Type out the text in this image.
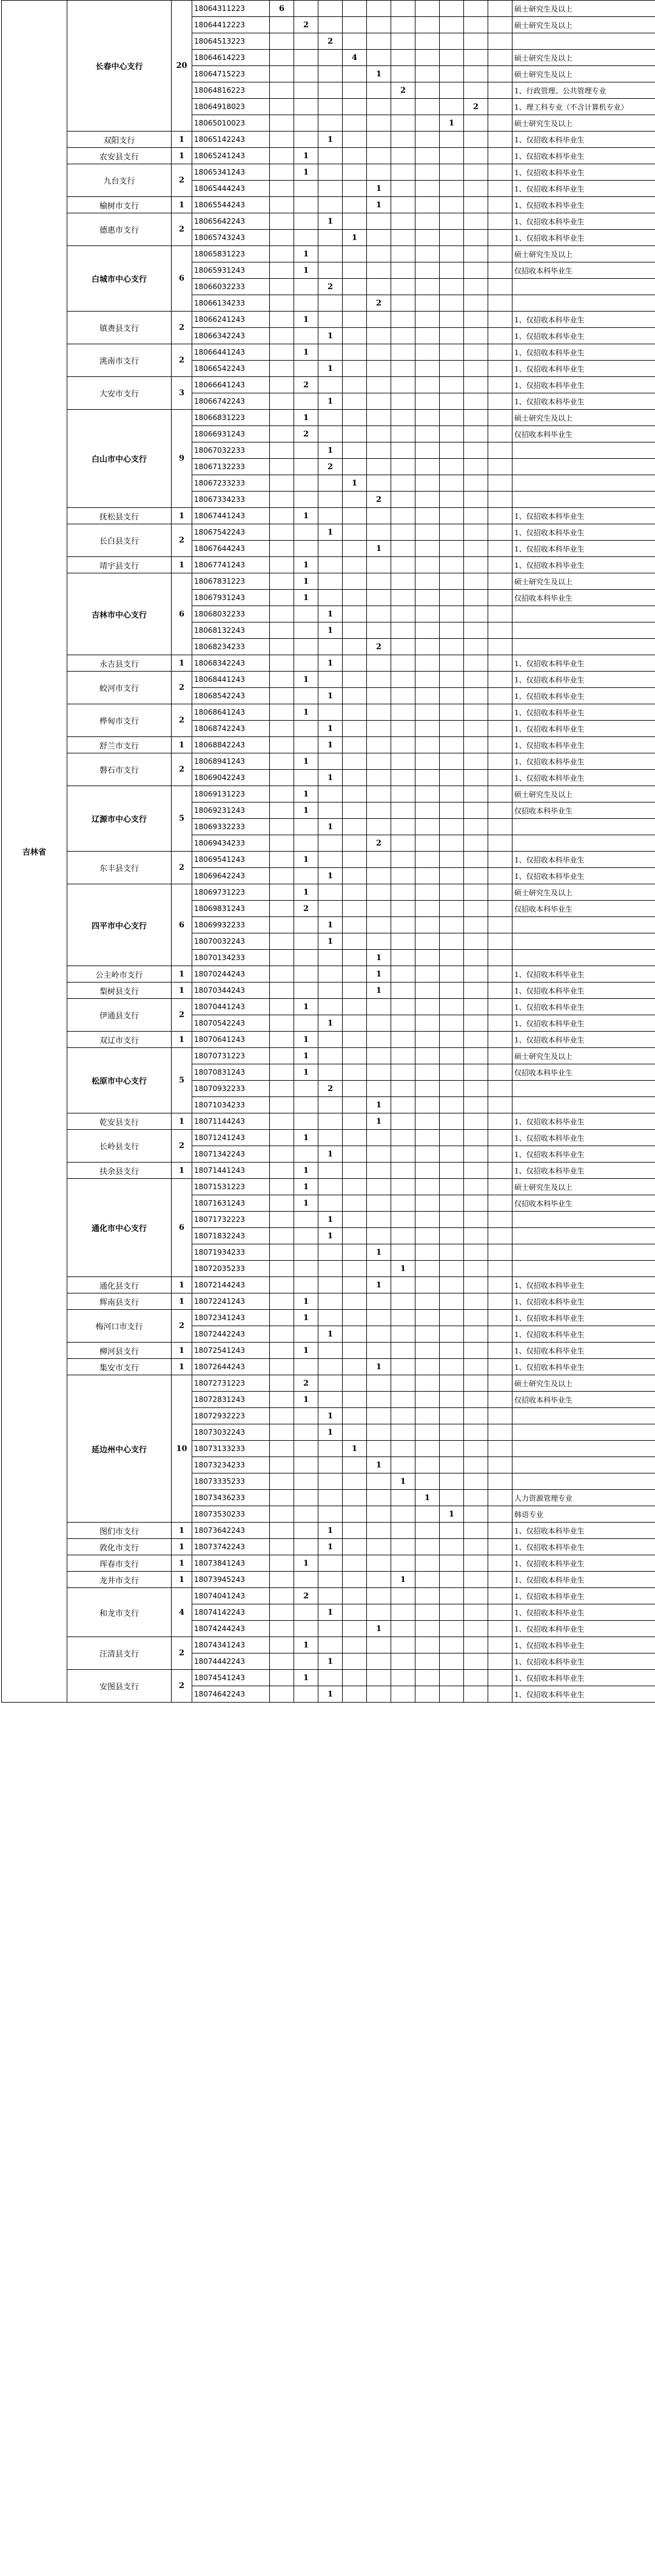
吉林省	长春中心支行	20	18064311223	6										硕士研究生及以上
			18064412223		2									硕士研究生及以上
			18064513223			2								
			18064614223				4							硕士研究生及以上
			18064715223					1						硕士研究生及以上
			18064816223						2					1、行政管理、公共管理专业
			18064918023									2		1、理工科专业（不含计算机专业）
			18065010023								1			硕士研究生及以上
	双阳支行	1	18065142243			1								1、仅招收本科毕业生
	农安县支行	1	18065241243		1									1、仅招收本科毕业生
	九台支行	2	18065341243		1									1、仅招收本科毕业生
			18065444243					1						1、仅招收本科毕业生
	榆树市支行	1	18065544243					1						1、仅招收本科毕业生
	德惠市支行	2	18065642243			1								1、仅招收本科毕业生
			18065743243				1							1、仅招收本科毕业生
	白城市中心支行	6	18065831223		1									硕士研究生及以上
			18065931243		1									仅招收本科毕业生
			18066032233			2								
			18066134233					2						
	镇赉县支行	2	18066241243		1									1、仅招收本科毕业生
			18066342243			1								1、仅招收本科毕业生
	洮南市支行	2	18066441243		1									1、仅招收本科毕业生
			18066542243			1								1、仅招收本科毕业生
	大安市支行	3	18066641243		2									1、仅招收本科毕业生
			18066742243			1								1、仅招收本科毕业生
	白山市中心支行	9	18066831223		1									硕士研究生及以上
			18066931243		2									仅招收本科毕业生
			18067032233			1								
			18067132233			2								
			18067233233				1							
			18067334233					2						
	抚松县支行	1	18067441243		1									1、仅招收本科毕业生
	长白县支行	2	18067542243			1								1、仅招收本科毕业生
			18067644243					1						1、仅招收本科毕业生
	靖宇县支行	1	18067741243		1									1、仅招收本科毕业生
	吉林市中心支行	6	18067831223		1									硕士研究生及以上
			18067931243		1									仅招收本科毕业生
			18068032233			1								
			18068132243			1								
			18068234233					2						
	永吉县支行	1	18068342243			1								1、仅招收本科毕业生
	蛟河市支行	2	18068441243		1									1、仅招收本科毕业生
			18068542243			1								1、仅招收本科毕业生
	桦甸市支行	2	18068641243		1									1、仅招收本科毕业生
			18068742243			1								1、仅招收本科毕业生
	舒兰市支行	1	18068842243			1								1、仅招收本科毕业生
	磐石市支行	2	18068941243		1									1、仅招收本科毕业生
			18069042243			1								1、仅招收本科毕业生
	辽源市中心支行	5	18069131223		1									硕士研究生及以上
			18069231243		1									仅招收本科毕业生
			18069332233			1								
			18069434233					2						
	东丰县支行	2	18069541243		1									1、仅招收本科毕业生
			18069642243			1								1、仅招收本科毕业生
	四平市中心支行	6	18069731223		1									硕士研究生及以上
			18069831243		2									仅招收本科毕业生
			18069932233			1								
			18070032243			1								
			18070134233					1						
	公主岭市支行	1	18070244243					1						1、仅招收本科毕业生
	梨树县支行	1	18070344243					1						1、仅招收本科毕业生
	伊通县支行	2	18070441243		1									1、仅招收本科毕业生
			18070542243			1								1、仅招收本科毕业生
	双辽市支行	1	18070641243		1									1、仅招收本科毕业生
	松原市中心支行	5	18070731223		1									硕士研究生及以上
			18070831243		1									仅招收本科毕业生
			18070932233			2								
			18071034233					1						
	乾安县支行	1	18071144243					1						1、仅招收本科毕业生
	长岭县支行	2	18071241243		1									1、仅招收本科毕业生
			18071342243			1								1、仅招收本科毕业生
	扶余县支行	1	18071441243		1									1、仅招收本科毕业生
	通化市中心支行	6	18071531223		1									硕士研究生及以上
			18071631243		1									仅招收本科毕业生
			18071732223			1								
			18071832243			1								
			18071934233					1						
			18072035233						1					
	通化县支行	1	18072144243					1						1、仅招收本科毕业生
	辉南县支行	1	18072241243		1									1、仅招收本科毕业生
	梅河口市支行	2	18072341243		1									1、仅招收本科毕业生
			18072442243			1								1、仅招收本科毕业生
	柳河县支行	1	18072541243		1									1、仅招收本科毕业生
	集安市支行	1	18072644243					1						1、仅招收本科毕业生
	延边州中心支行	10	18072731223		2									硕士研究生及以上
			18072831243		1									仅招收本科毕业生
			18072932223			1								
			18073032243			1								
			18073133233				1							
			18073234233					1						
			18073335233						1					
			18073436233							1				人力资源管理专业
			18073530233								1			韩语专业
	图们市支行	1	18073642243			1								1、仅招收本科毕业生
	敦化市支行	1	18073742243			1								1、仅招收本科毕业生
	珲春市支行	1	18073841243		1									1、仅招收本科毕业生
	龙井市支行	1	18073945243						1					1、仅招收本科毕业生
	和龙市支行	4	18074041243		2									1、仅招收本科毕业生
			18074142243			1								1、仅招收本科毕业生
			18074244243					1						1、仅招收本科毕业生
	汪清县支行	2	18074341243		1									1、仅招收本科毕业生
			18074442243			1								1、仅招收本科毕业生
	安图县支行	2	18074541243		1									1、仅招收本科毕业生
			18074642243			1								1、仅招收本科毕业生
